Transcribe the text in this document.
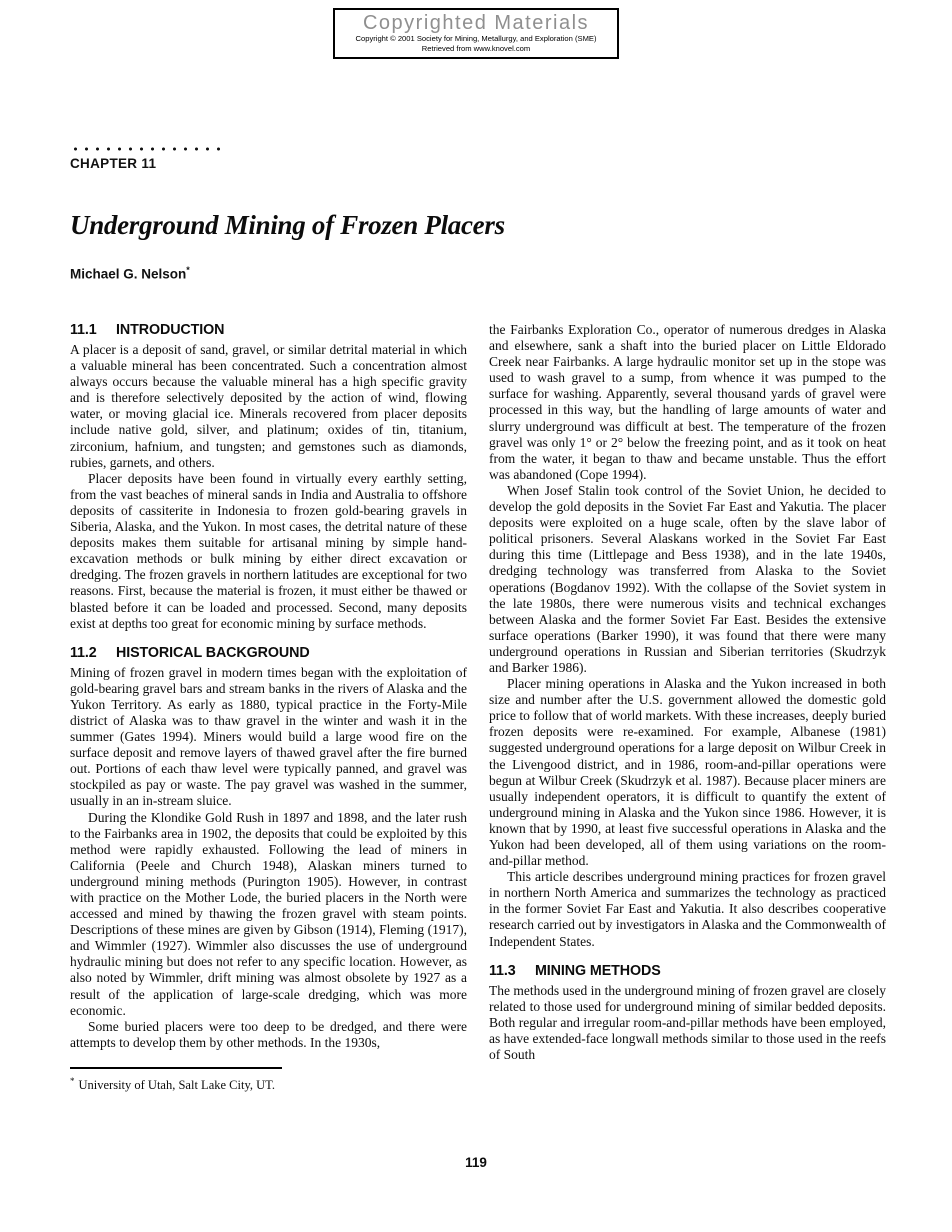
Copyrighted Materials
Copyright © 2001 Society for Mining, Metallurgy, and Exploration (SME)
Retrieved from www.knovel.com
CHAPTER 11
Underground Mining of Frozen Placers
Michael G. Nelson*
11.1 INTRODUCTION

A placer is a deposit of sand, gravel, or similar detrital material in which a valuable mineral has been concentrated. Such a concentration almost always occurs because the valuable mineral has a high specific gravity and is therefore selectively deposited by the action of wind, flowing water, or moving glacial ice. Minerals recovered from placer deposits include native gold, silver, and platinum; oxides of tin, titanium, zirconium, hafnium, and tungsten; and gemstones such as diamonds, rubies, garnets, and others.

Placer deposits have been found in virtually every earthly setting, from the vast beaches of mineral sands in India and Australia to offshore deposits of cassiterite in Indonesia to frozen gold-bearing gravels in Siberia, Alaska, and the Yukon. In most cases, the detrital nature of these deposits makes them suitable for artisanal mining by simple hand-excavation methods or bulk mining by either direct excavation or dredging. The frozen gravels in northern latitudes are exceptional for two reasons. First, because the material is frozen, it must either be thawed or blasted before it can be loaded and processed. Second, many deposits exist at depths too great for economic mining by surface methods.

11.2 HISTORICAL BACKGROUND

Mining of frozen gravel in modern times began with the exploitation of gold-bearing gravel bars and stream banks in the rivers of Alaska and the Yukon Territory. As early as 1880, typical practice in the Forty-Mile district of Alaska was to thaw gravel in the winter and wash it in the summer (Gates 1994). Miners would build a large wood fire on the surface deposit and remove layers of thawed gravel after the fire burned out. Portions of each thaw level were typically panned, and gravel was stockpiled as pay or waste. The pay gravel was washed in the summer, usually in an in-stream sluice.

During the Klondike Gold Rush in 1897 and 1898, and the later rush to the Fairbanks area in 1902, the deposits that could be exploited by this method were rapidly exhausted. Following the lead of miners in California (Peele and Church 1948), Alaskan miners turned to underground mining methods (Purington 1905). However, in contrast with practice on the Mother Lode, the buried placers in the North were accessed and mined by thawing the frozen gravel with steam points. Descriptions of these mines are given by Gibson (1914), Fleming (1917), and Wimmler (1927). Wimmler also discusses the use of underground hydraulic mining but does not refer to any specific location. However, as also noted by Wimmler, drift mining was almost obsolete by 1927 as a result of the application of large-scale dredging, which was more economic.

Some buried placers were too deep to be dredged, and there were attempts to develop them by other methods. In the 1930s,

* University of Utah, Salt Lake City, UT.

the Fairbanks Exploration Co., operator of numerous dredges in Alaska and elsewhere, sank a shaft into the buried placer on Little Eldorado Creek near Fairbanks. A large hydraulic monitor set up in the stope was used to wash gravel to a sump, from whence it was pumped to the surface for washing. Apparently, several thousand yards of gravel were processed in this way, but the handling of large amounts of water and slurry underground was difficult at best. The temperature of the frozen gravel was only 1° or 2° below the freezing point, and as it took on heat from the water, it began to thaw and became unstable. Thus the effort was abandoned (Cope 1994).

When Josef Stalin took control of the Soviet Union, he decided to develop the gold deposits in the Soviet Far East and Yakutia. The placer deposits were exploited on a huge scale, often by the slave labor of political prisoners. Several Alaskans worked in the Soviet Far East during this time (Littlepage and Bess 1938), and in the late 1940s, dredging technology was transferred from Alaska to the Soviet operations (Bogdanov 1992). With the collapse of the Soviet system in the late 1980s, there were numerous visits and technical exchanges between Alaska and the former Soviet Far East. Besides the extensive surface operations (Barker 1990), it was found that there were many underground operations in Russian and Siberian territories (Skudrzyk and Barker 1986).

Placer mining operations in Alaska and the Yukon increased in both size and number after the U.S. government allowed the domestic gold price to follow that of world markets. With these increases, deeply buried frozen deposits were re-examined. For example, Albanese (1981) suggested underground operations for a large deposit on Wilbur Creek in the Livengood district, and in 1986, room-and-pillar operations were begun at Wilbur Creek (Skudrzyk et al. 1987). Because placer miners are usually independent operators, it is difficult to quantify the extent of underground mining in Alaska and the Yukon since 1986. However, it is known that by 1990, at least five successful operations in Alaska and the Yukon had been developed, all of them using variations on the room-and-pillar method.

This article describes underground mining practices for frozen gravel in northern North America and summarizes the technology as practiced in the former Soviet Far East and Yakutia. It also describes cooperative research carried out by investigators in Alaska and the Commonwealth of Independent States.

11.3 MINING METHODS

The methods used in the underground mining of frozen gravel are closely related to those used for underground mining of similar bedded deposits. Both regular and irregular room-and-pillar methods have been employed, as have extended-face longwall methods similar to those used in the reefs of South

119
